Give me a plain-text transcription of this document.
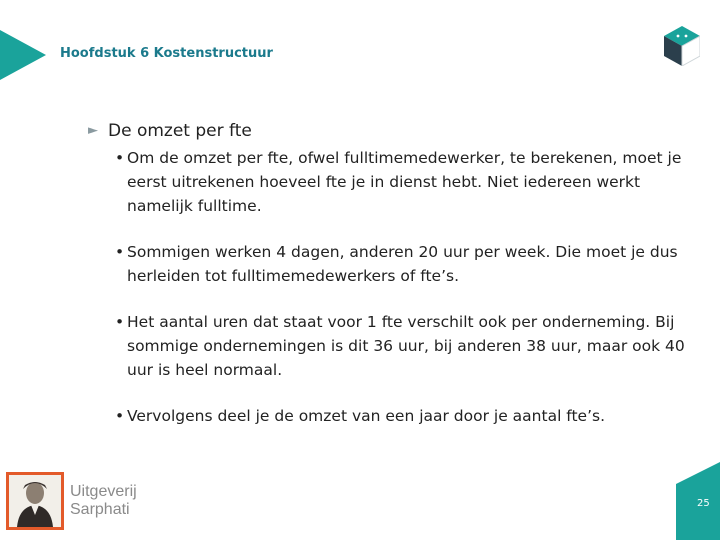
Hoofdstuk 6 Kostenstructuur
► De omzet per fte
• Om de omzet per fte, ofwel fulltimemedewerker, te berekenen, moet je eerst uitrekenen hoeveel fte je in dienst hebt. Niet iedereen werkt namelijk fulltime.
• Sommigen werken 4 dagen, anderen 20 uur per week. Die moet je dus herleiden tot fulltimemedewerkers of fte’s.
• Het aantal uren dat staat voor 1 fte verschilt ook per onderneming. Bij sommige ondernemingen is dit 36 uur, bij anderen 38 uur, maar ook 40 uur is heel normaal.
• Vervolgens deel je de omzet van een jaar door je aantal fte’s.
Uitgeverij
Sarphati	25
